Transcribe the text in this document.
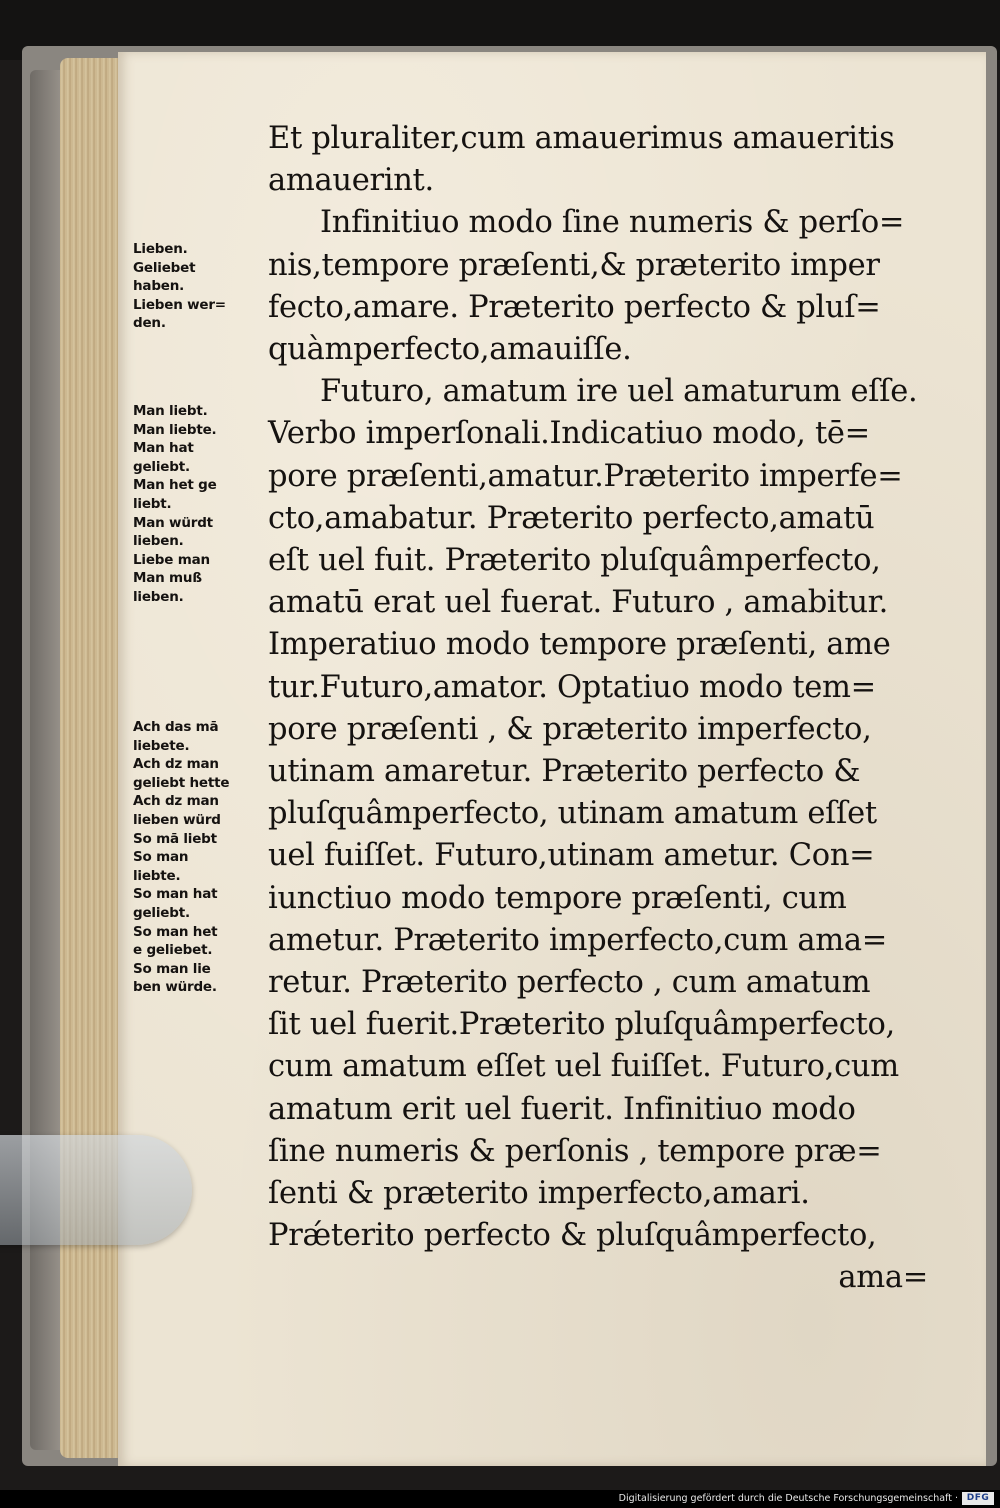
Et pluraliter,cum amauerimus amaueritis
amauerint.
Infinitiuo modo ſine numeris & perſo=
nis,tempore præſenti,& præterito imper
fecto,amare. Præterito perfecto & pluſ=
quàmperfecto,amauiſſe.
Futuro, amatum ire uel amaturum eſſe.
Verbo imperſonali.Indicatiuo modo, tē=
pore præſenti,amatur.Præterito imperfe=
cto,amabatur. Præterito perfecto,amatū
eſt uel fuit. Præterito pluſquâmperfecto,
amatū erat uel fuerat. Futuro , amabitur.
Imperatiuo modo tempore præſenti, ame
tur.Futuro,amator. Optatiuo modo tem=
pore præſenti , & præterito imperfecto,
utinam amaretur. Præterito perfecto &
pluſquâmperfecto, utinam amatum eſſet
uel fuiſſet. Futuro,utinam ametur. Con=
iunctiuo modo tempore præſenti, cum
ametur. Præterito imperfecto,cum ama=
retur. Præterito perfecto , cum amatum
ſit uel fuerit.Præterito pluſquâmperfecto,
cum amatum eſſet uel fuiſſet. Futuro,cum
amatum erit uel fuerit. Infinitiuo modo
ſine numeris & perſonis , tempore præ=
ſenti & præterito imperfecto,amari.
Prǽterito perfecto & pluſquâmperfecto,
ama=
Lieben.
Geliebet
haben.
Lieben wer=
den.
Man liebt.
Man liebte.
Man hat
geliebt.
Man het ge
liebt.
Man würdt
lieben.
Liebe man
Man muß
lieben.
Ach das mā
liebete.
Ach dz man
geliebt hette
Ach dz man
lieben würd
So mā liebt
So man
liebte.
So man hat
geliebt.
So man het
e geliebet.
So man lie
ben würde.
Digitalisierung gefördert durch die Deutsche Forschungsgemeinschaft · DFG
